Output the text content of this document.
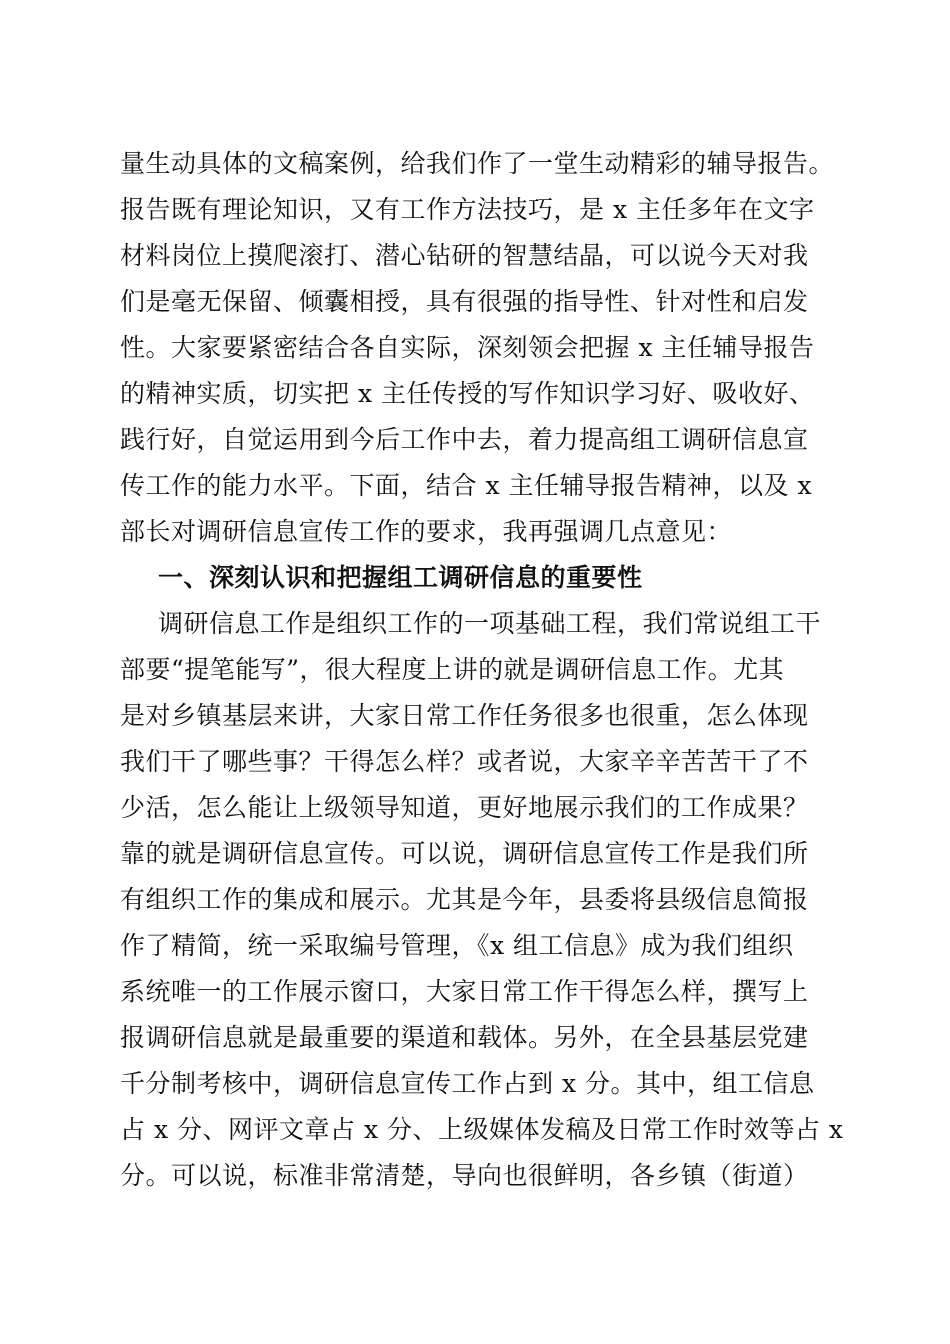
量生动具体的文稿案例，给我们作了一堂生动精彩的辅导报告。
报告既有理论知识，又有工作方法技巧，是 x 主任多年在文字
材料岗位上摸爬滚打、潜心钻研的智慧结晶，可以说今天对我
们是毫无保留、倾囊相授，具有很强的指导性、针对性和启发
性。大家要紧密结合各自实际，深刻领会把握 x 主任辅导报告
的精神实质，切实把 x 主任传授的写作知识学习好、吸收好、
践行好，自觉运用到今后工作中去，着力提高组工调研信息宣
传工作的能力水平。下面，结合 x 主任辅导报告精神，以及 x
部长对调研信息宣传工作的要求，我再强调几点意见：
一、深刻认识和把握组工调研信息的重要性
调研信息工作是组织工作的一项基础工程，我们常说组工干
部要“提笔能写”，很大程度上讲的就是调研信息工作。尤其
是对乡镇基层来讲，大家日常工作任务很多也很重，怎么体现
我们干了哪些事？干得怎么样？或者说，大家辛辛苦苦干了不
少活，怎么能让上级领导知道，更好地展示我们的工作成果？
靠的就是调研信息宣传。可以说，调研信息宣传工作是我们所
有组织工作的集成和展示。尤其是今年，县委将县级信息简报
作了精简，统一采取编号管理，《x 组工信息》成为我们组织
系统唯一的工作展示窗口，大家日常工作干得怎么样，撰写上
报调研信息就是最重要的渠道和载体。另外，在全县基层党建
千分制考核中，调研信息宣传工作占到 x 分。其中，组工信息
占 x 分、网评文章占 x 分、上级媒体发稿及日常工作时效等占 x
分。可以说，标准非常清楚，导向也很鲜明，各乡镇（街道）
